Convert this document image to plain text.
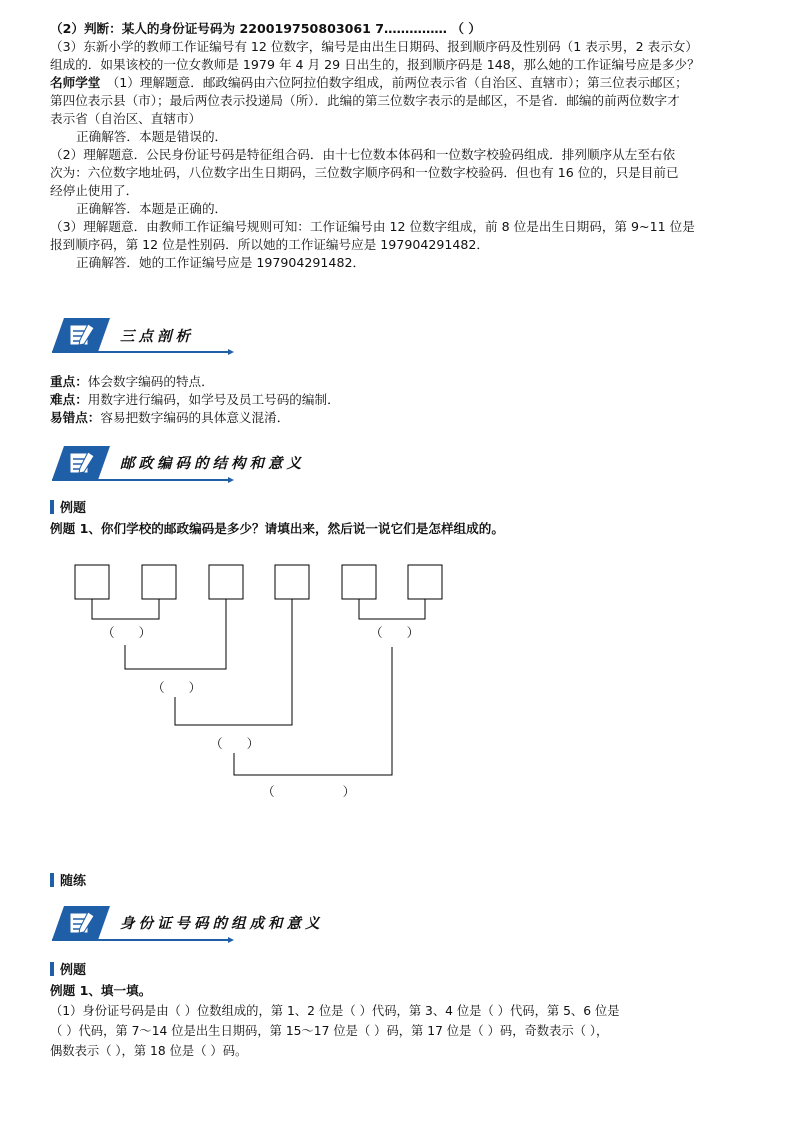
（2）判断：某人的身份证号码为 220019750803061 7…………… （ ）
（3）东新小学的教师工作证编号有 12 位数字，编号是由出生日期码、报到顺序码及性别码（1 表示男，2 表示女）
组成的．如果该校的一位女教师是 1979 年 4 月 29 日出生的，报到顺序码是 148，那么她的工作证编号应是多少？
名师学堂　 （1）理解题意．邮政编码由六位阿拉伯数字组成，前两位表示省（自治区、直辖市）；第三位表示邮区；
第四位表示县（市）；最后两位表示投递局（所）．此编的第三位数字表示的是邮区，不是省．邮编的前两位数字才
表示省（自治区、直辖市）
正确解答．本题是错误的．
（2）理解题意．公民身份证号码是特征组合码．由十七位数本体码和一位数字校验码组成．排列顺序从左至右依
次为：六位数字地址码，八位数字出生日期码，三位数字顺序码和一位数字校验码．但也有 16 位的，只是目前已
经停止使用了．
正确解答．本题是正确的．
（3）理解题意．由教师工作证编号规则可知：工作证编号由 12 位数字组成，前 8 位是出生日期码，第 9~11 位是
报到顺序码，第 12 位是性别码．所以她的工作证编号应是 197904291482．
正确解答．她的工作证编号应是 197904291482．
三点剖析
重点：体会数字编码的特点．
难点：用数字进行编码，如学号及员工号码的编制．
易错点：容易把数字编码的具体意义混淆．
邮政编码的结构和意义
例题
例题 1、你们学校的邮政编码是多少？请填出来，然后说一说它们是怎样组成的。
（      ）	（      ）
（      ）
（      ）
（                 ）
随练
身份证号码的组成和意义
例题
例题 1、填一填。
（1）身份证号码是由（ ）位数组成的，第 1、2 位是（ ）代码，第 3、4 位是（ ）代码，第 5、6 位是
（ ）代码，第 7～14 位是出生日期码，第 15～17 位是（ ）码，第 17 位是（ ）码，奇数表示（ ），
偶数表示（ ），第 18 位是（ ）码。
